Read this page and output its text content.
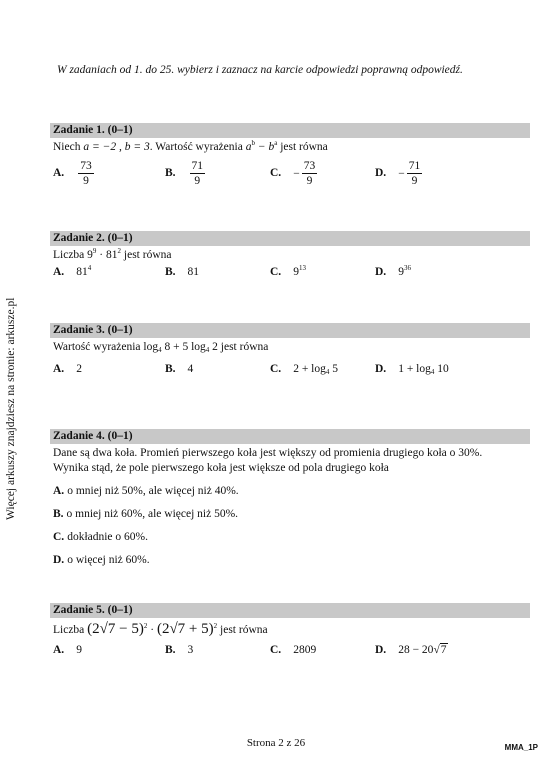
W zadaniach od 1. do 25. wybierz i zaznacz na karcie odpowiedzi poprawną odpowiedź.
Więcej arkuszy znajdziesz na stronie: arkusze.pl
Zadanie 1. (0–1)
Niech a = −2 , b = 3. Wartość wyrażenia $a^b - b^a$ jest równa
A. $\frac{73}{9}$	B. $\frac{71}{9}$	C. − $\frac{73}{9}$	D. − $\frac{71}{9}$
Zadanie 2. (0–1)
Liczba $9^9 \cdot 81^2$ jest równa
A. $81^4$	B. 81	C. $9^{13}$	D. $9^{36}$
Zadanie 3. (0–1)
Wartość wyrażenia $\log_4 8 + 5$ $\log_4 2$ jest równa
A. 2	B. 4	C. $2 + \log_4 5$	D. $1 + \log_4 10$
Zadanie 4. (0–1)
Dane są dwa koła. Promień pierwszego koła jest większy od promienia drugiego koła o 30%.
Wynika stąd, że pole pierwszego koła jest większe od pola drugiego koła
A. o mniej niż 50%, ale więcej niż 40%.
B. o mniej niż 60%, ale więcej niż 50%.
C. dokładnie o 60%.
D. o więcej niż 60%.
Zadanie 5. (0–1)
Liczba $(2√7 - 5)^2 \cdot (2√7 + 5)^2$ jest równa
A. 9	B. 3	C. 2809	D. 28 − 20√7
Strona 2 z 26	MMA_1P
